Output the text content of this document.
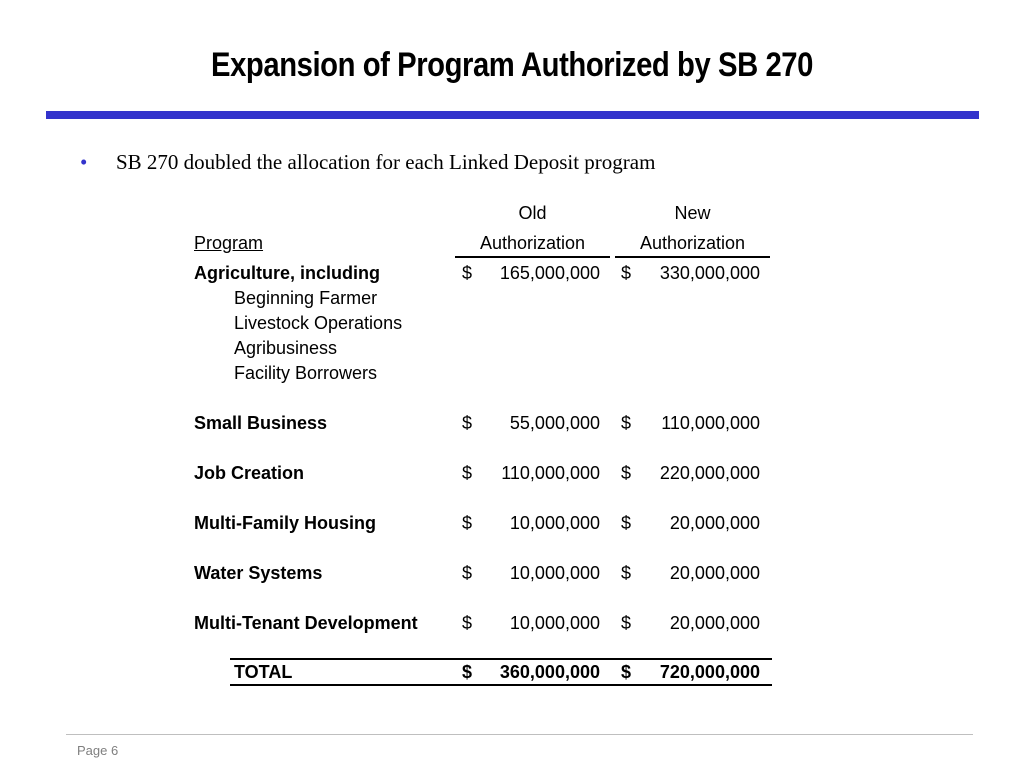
Expansion of Program Authorized by SB 270
• SB 270 doubled the allocation for each Linked Deposit program
Old	New
Program	Authorization	Authorization
Agriculture, including	$	165,000,000 $	330,000,000
Beginning Farmer
Livestock Operations
Agribusiness
Facility Borrowers
Small Business	$	55,000,000 $	110,000,000
Job Creation	$	110,000,000 $	220,000,000
Multi-Family Housing	$	10,000,000 $	20,000,000
Water Systems	$	10,000,000 $	20,000,000
Multi-Tenant Development $	10,000,000 $	20,000,000
TOTAL	$	360,000,000 $	720,000,000
Page 6
